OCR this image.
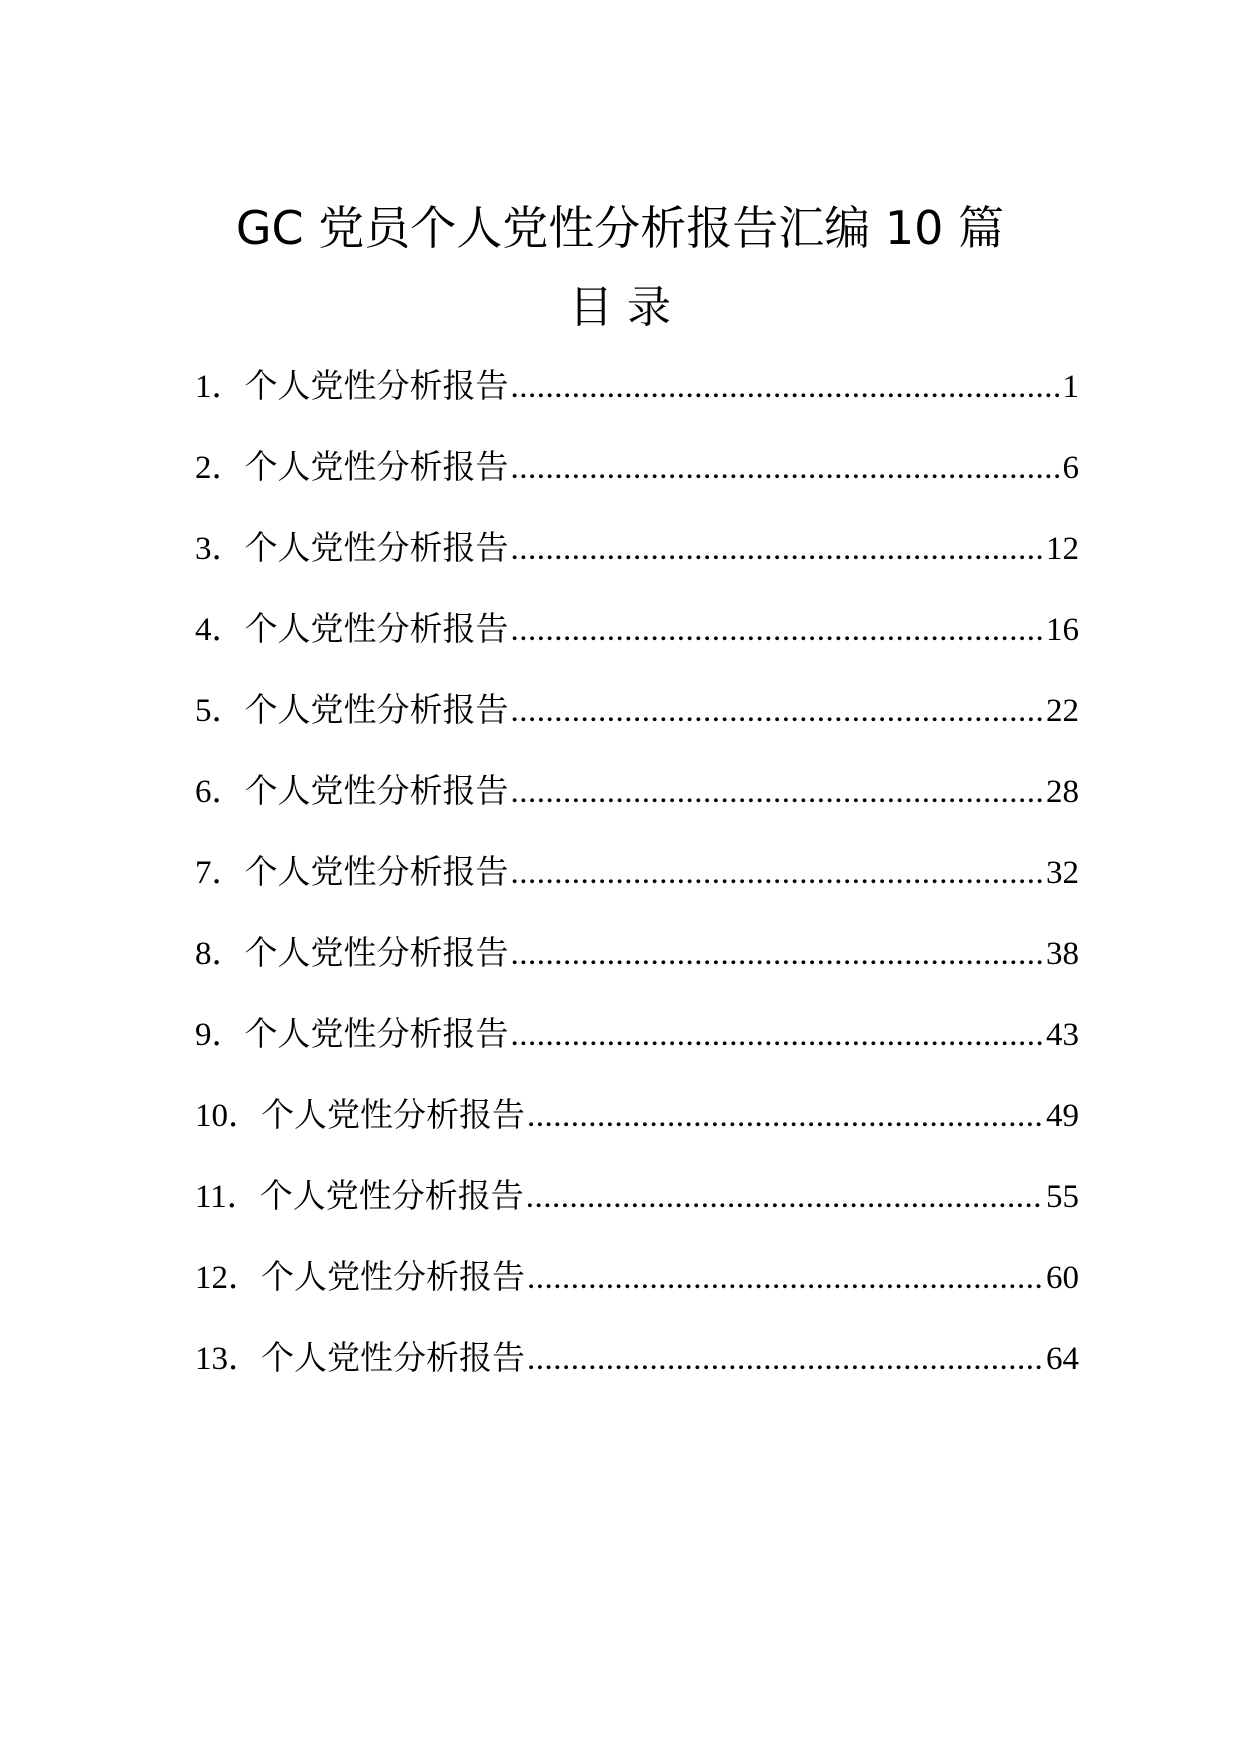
GC 党员个人党性分析报告汇编 10 篇
目 录
1． 个人党性分析报告 .....	1
2． 个人党性分析报告 .....	6
3． 个人党性分析报告 .....	12
4． 个人党性分析报告 .....	16
5． 个人党性分析报告 .....	22
6． 个人党性分析报告 .....	28
7． 个人党性分析报告 .....	32
8． 个人党性分析报告 .....	38
9． 个人党性分析报告 .....	43
10． 个人党性分析报告 .....	49
11． 个人党性分析报告 .....	55
12． 个人党性分析报告 .....	60
13． 个人党性分析报告 .....	64
